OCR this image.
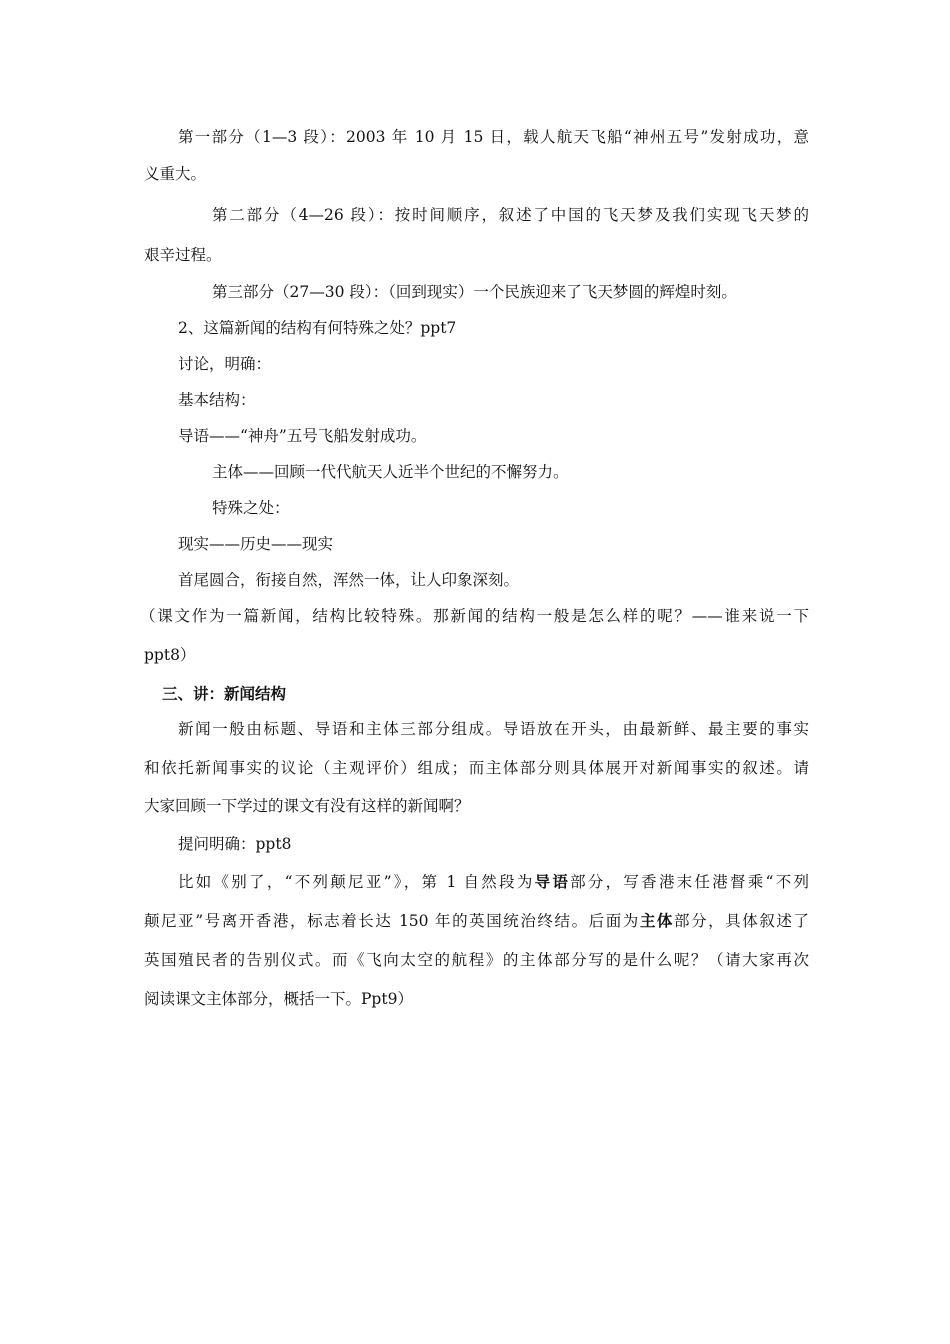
第一部分（1—3 段）：2003 年 10 月 15 日，载人航天飞船“神州五号”发射成功，意
义重大。
第二部分（4—26 段）：按时间顺序，叙述了中国的飞天梦及我们实现飞天梦的
艰辛过程。
第三部分（27—30 段）：（回到现实）一个民族迎来了飞天梦圆的辉煌时刻。
2、这篇新闻的结构有何特殊之处？ppt7
讨论，明确：
基本结构：
导语——“神舟”五号飞船发射成功。
主体——回顾一代代航天人近半个世纪的不懈努力。
特殊之处：
现实——历史——现实
首尾圆合，衔接自然，浑然一体，让人印象深刻。
（课文作为一篇新闻，结构比较特殊。那新闻的结构一般是怎么样的呢？——谁来说一下
ppt8）
三、讲：新闻结构
新闻一般由标题、导语和主体三部分组成。导语放在开头，由最新鲜、最主要的事实
和依托新闻事实的议论（主观评价）组成；而主体部分则具体展开对新闻事实的叙述。请
大家回顾一下学过的课文有没有这样的新闻啊？
提问明确：ppt8
比如《别了，“不列颠尼亚”》，第 1 自然段为导语部分，写香港末任港督乘“不列
颠尼亚”号离开香港，标志着长达 150 年的英国统治终结。后面为主体部分，具体叙述了
英国殖民者的告别仪式。而《飞向太空的航程》的主体部分写的是什么呢？（请大家再次
阅读课文主体部分，概括一下。Ppt9）
